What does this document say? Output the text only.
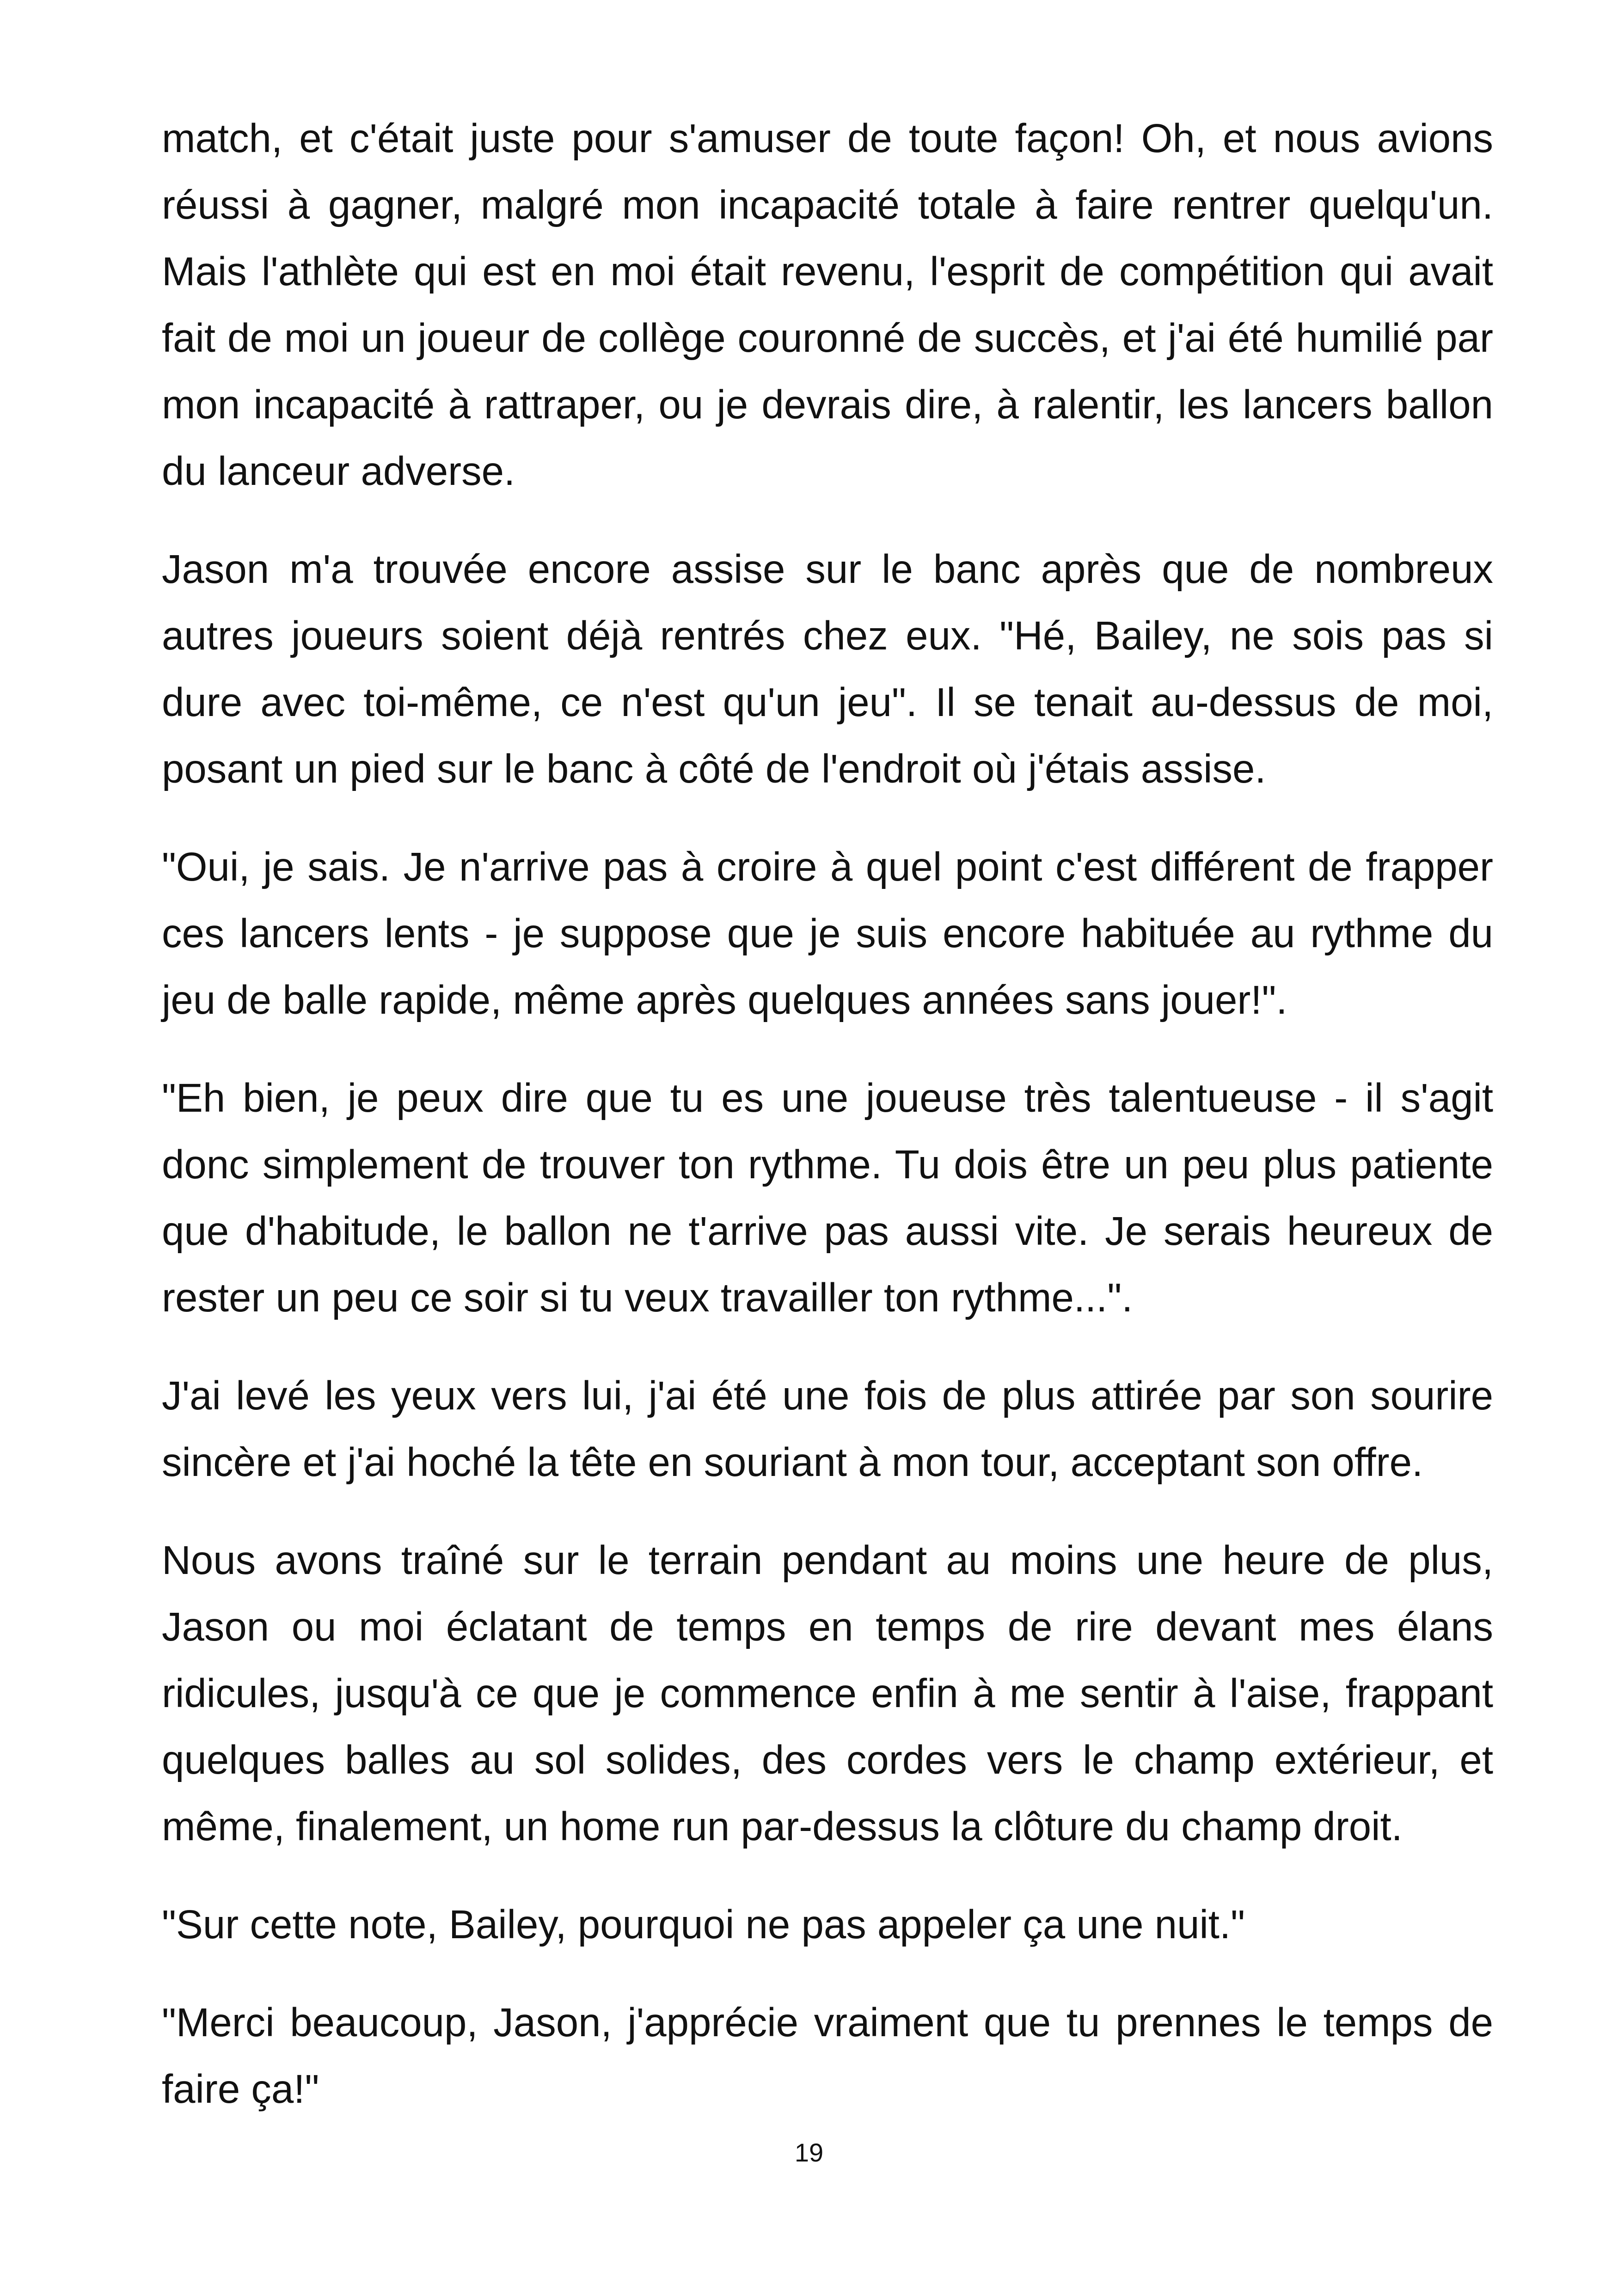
match, et c'était juste pour s'amuser de toute façon! Oh, et nous avions réussi à gagner, malgré mon incapacité totale à faire rentrer quelqu'un. Mais l'athlète qui est en moi était revenu, l'esprit de compétition qui avait fait de moi un joueur de collège couronné de succès, et j'ai été humilié par mon incapacité à rattraper, ou je devrais dire, à ralentir, les lancers ballon du lanceur adverse.

Jason m'a trouvée encore assise sur le banc après que de nombreux autres joueurs soient déjà rentrés chez eux. "Hé, Bailey, ne sois pas si dure avec toi-même, ce n'est qu'un jeu". Il se tenait au-dessus de moi, posant un pied sur le banc à côté de l'endroit où j'étais assise.

"Oui, je sais. Je n'arrive pas à croire à quel point c'est différent de frapper ces lancers lents - je suppose que je suis encore habituée au rythme du jeu de balle rapide, même après quelques années sans jouer!".

"Eh bien, je peux dire que tu es une joueuse très talentueuse - il s'agit donc simplement de trouver ton rythme. Tu dois être un peu plus patiente que d'habitude, le ballon ne t'arrive pas aussi vite. Je serais heureux de rester un peu ce soir si tu veux travailler ton rythme...".

J'ai levé les yeux vers lui, j'ai été une fois de plus attirée par son sourire sincère et j'ai hoché la tête en souriant à mon tour, acceptant son offre.

Nous avons traîné sur le terrain pendant au moins une heure de plus, Jason ou moi éclatant de temps en temps de rire devant mes élans ridicules, jusqu'à ce que je commence enfin à me sentir à l'aise, frappant quelques balles au sol solides, des cordes vers le champ extérieur, et même, finalement, un home run par-dessus la clôture du champ droit.

"Sur cette note, Bailey, pourquoi ne pas appeler ça une nuit."

"Merci beaucoup, Jason, j'apprécie vraiment que tu prennes le temps de faire ça!"

19
